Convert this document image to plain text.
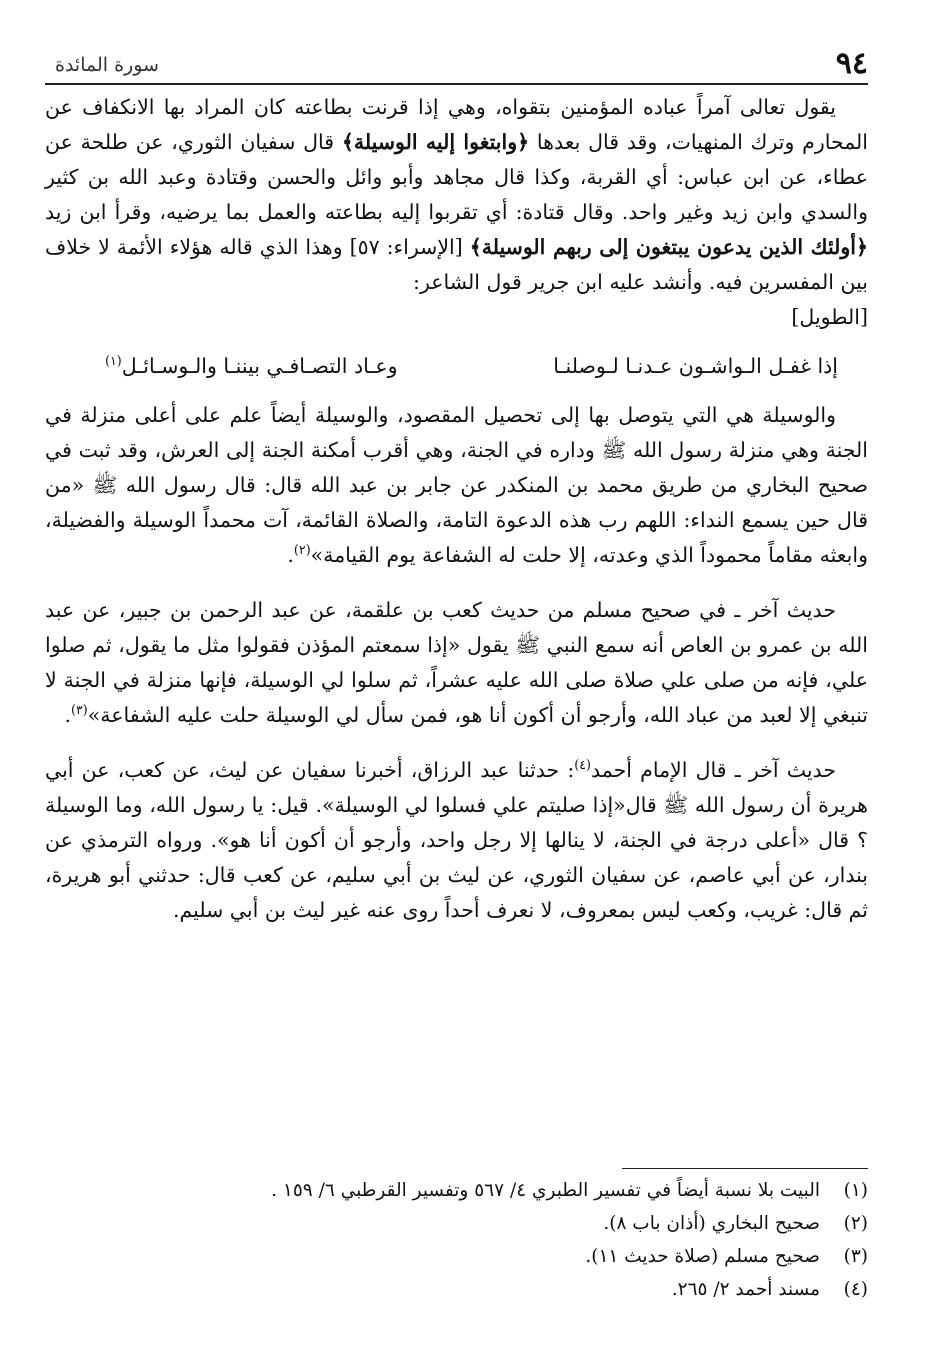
٩٤
سورة المائدة

يقول تعالى آمراً عباده المؤمنين بتقواه، وهي إذا قرنت بطاعته كان المراد بها الانكفاف عن المحارم وترك المنهيات، وقد قال بعدها ﴿وابتغوا إليه الوسيلة﴾ قال سفيان الثوري، عن طلحة عن عطاء، عن ابن عباس: أي القربة، وكذا قال مجاهد وأبو وائل والحسن وقتادة وعبد الله بن كثير والسدي وابن زيد وغير واحد. وقال قتادة: أي تقربوا إليه بطاعته والعمل بما يرضيه، وقرأ ابن زيد ﴿أولئك الذين يدعون يبتغون إلى ربهم الوسيلة﴾ [الإسراء: ٥٧] وهذا الذي قاله هؤلاء الأئمة لا خلاف بين المفسرين فيه. وأنشد عليه ابن جرير قول الشاعر:

[الطويل]

إذا غفـل الـواشـون عـدنـا لـوصلنـا
وعـاد التصـافـي بيننـا والـوسـائـل$^{(١)}$

والوسيلة هي التي يتوصل بها إلى تحصيل المقصود، والوسيلة أيضاً علم على أعلى منزلة في الجنة وهي منزلة رسول الله ﷺ وداره في الجنة، وهي أقرب أمكنة الجنة إلى العرش، وقد ثبت في صحيح البخاري من طريق محمد بن المنكدر عن جابر بن عبد الله قال: قال رسول الله ﷺ «من قال حين يسمع النداء: اللهم رب هذه الدعوة التامة، والصلاة القائمة، آت محمداً الوسيلة والفضيلة، وابعثه مقاماً محموداً الذي وعدته، إلا حلت له الشفاعة يوم القيامة»$^{(٢)}$.

حديث آخر ـ في صحيح مسلم من حديث كعب بن علقمة، عن عبد الرحمن بن جبير، عن عبد الله بن عمرو بن العاص أنه سمع النبي ﷺ يقول «إذا سمعتم المؤذن فقولوا مثل ما يقول، ثم صلوا علي، فإنه من صلى علي صلاة صلى الله عليه عشراً، ثم سلوا لي الوسيلة، فإنها منزلة في الجنة لا تنبغي إلا لعبد من عباد الله، وأرجو أن أكون أنا هو، فمن سأل لي الوسيلة حلت عليه الشفاعة»$^{(٣)}$.

حديث آخر ـ قال الإمام أحمد$^{(٤)}$: حدثنا عبد الرزاق، أخبرنا سفيان عن ليث، عن كعب، عن أبي هريرة أن رسول الله ﷺ قال«إذا صليتم علي فسلوا لي الوسيلة». قيل: يا رسول الله، وما الوسيلة ؟ قال «أعلى درجة في الجنة، لا ينالها إلا رجل واحد، وأرجو أن أكون أنا هو». ورواه الترمذي عن بندار، عن أبي عاصم، عن سفيان الثوري، عن ليث بن أبي سليم، عن كعب قال: حدثني أبو هريرة، ثم قال: غريب، وكعب ليس بمعروف، لا نعرف أحداً روى عنه غير ليث بن أبي سليم.

(١)
البيت بلا نسبة أيضاً في تفسير الطبري ٤/ ٥٦٧ وتفسير القرطبي ٦/ ١٥٩ .
(٢)
صحيح البخاري (أذان باب ٨).
(٣)
صحيح مسلم (صلاة حديث ١١).
(٤)
مسند أحمد ٢/ ٢٦٥.
